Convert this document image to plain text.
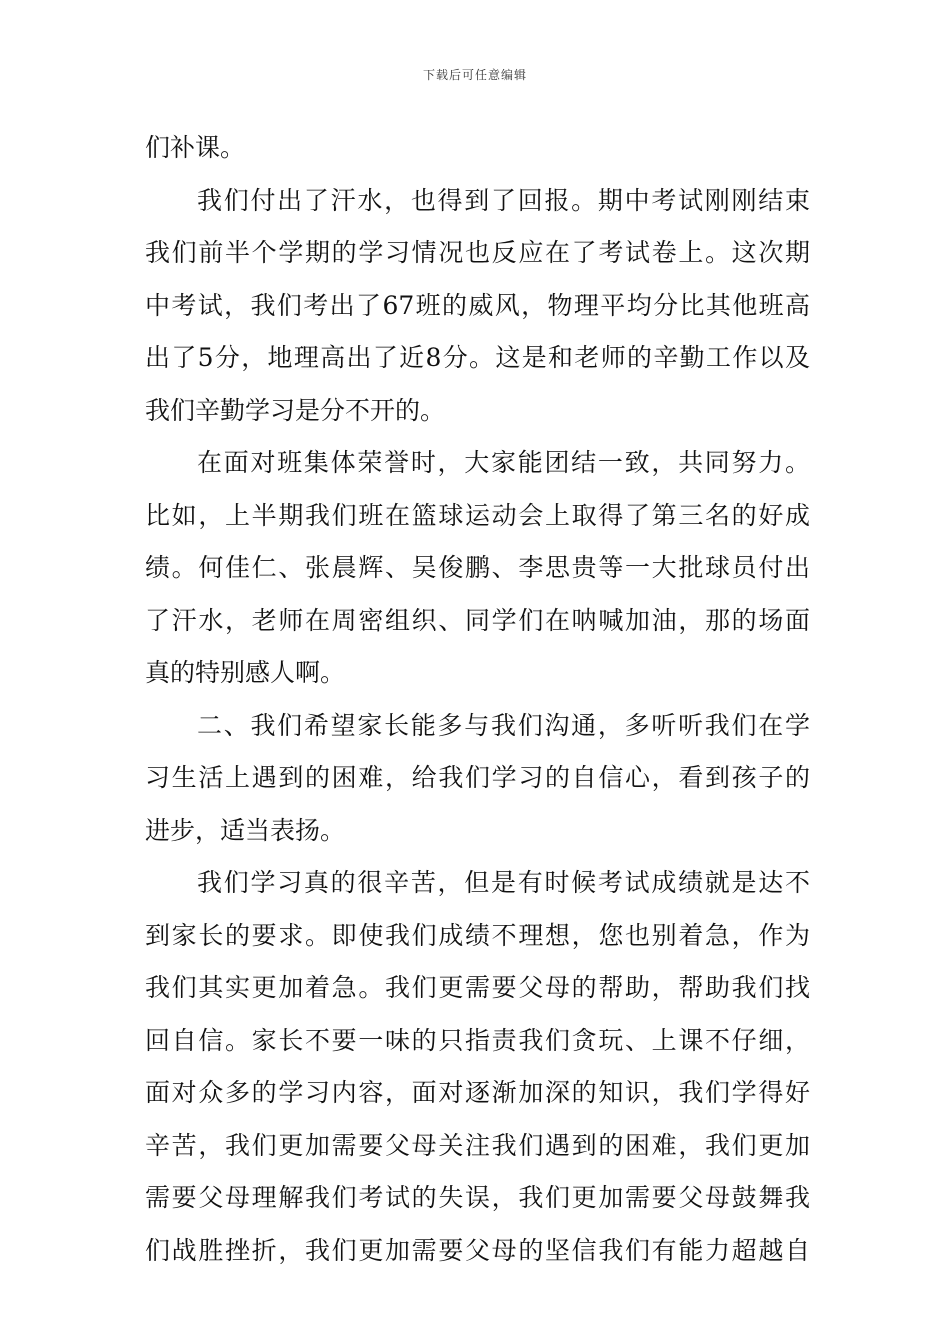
下载后可任意编辑
们补课。
我们付出了汗水，也得到了回报。期中考试刚刚结束
我们前半个学期的学习情况也反应在了考试卷上。这次期
中考试，我们考出了67班的威风，物理平均分比其他班高
出了5分，地理高出了近8分。这是和老师的辛勤工作以及
我们辛勤学习是分不开的。
在面对班集体荣誉时，大家能团结一致，共同努力。
比如，上半期我们班在篮球运动会上取得了第三名的好成
绩。何佳仁、张晨辉、吴俊鹏、李思贵等一大批球员付出
了汗水，老师在周密组织、同学们在呐喊加油，那的场面
真的特别感人啊。
二、我们希望家长能多与我们沟通，多听听我们在学
习生活上遇到的困难，给我们学习的自信心，看到孩子的
进步，适当表扬。
我们学习真的很辛苦，但是有时候考试成绩就是达不
到家长的要求。即使我们成绩不理想，您也别着急，作为
我们其实更加着急。我们更需要父母的帮助，帮助我们找
回自信。家长不要一味的只指责我们贪玩、上课不仔细，
面对众多的学习内容，面对逐渐加深的知识，我们学得好
辛苦，我们更加需要父母关注我们遇到的困难，我们更加
需要父母理解我们考试的失误，我们更加需要父母鼓舞我
们战胜挫折，我们更加需要父母的坚信我们有能力超越自
